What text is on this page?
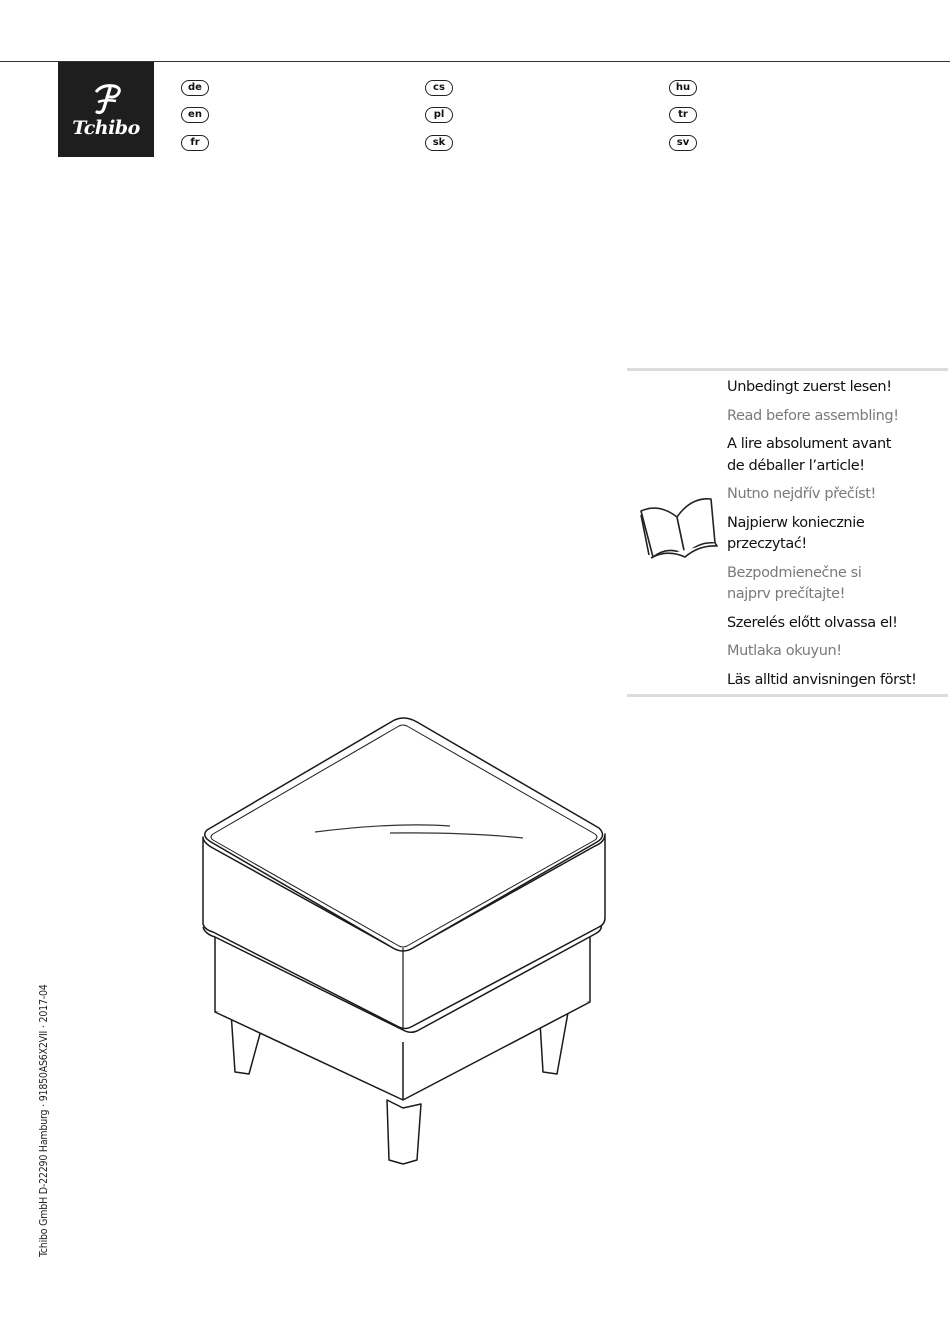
Tchibo
de
en
fr
cs
pl
sk
hu
tr
sv
Unbedingt zuerst lesen!
Read before assembling!
A lire absolument avant
de déballer l’article!
Nutno nejdřív přečíst!
Najpierw koniecznie
przeczytać!
Bezpodmienečne si
najprv prečítajte!
Szerelés előtt olvassa el!
Mutlaka okuyun!
Läs alltid anvisningen först!
Tchibo GmbH D-22290 Hamburg · 91850AS6X2VII · 2017-04
